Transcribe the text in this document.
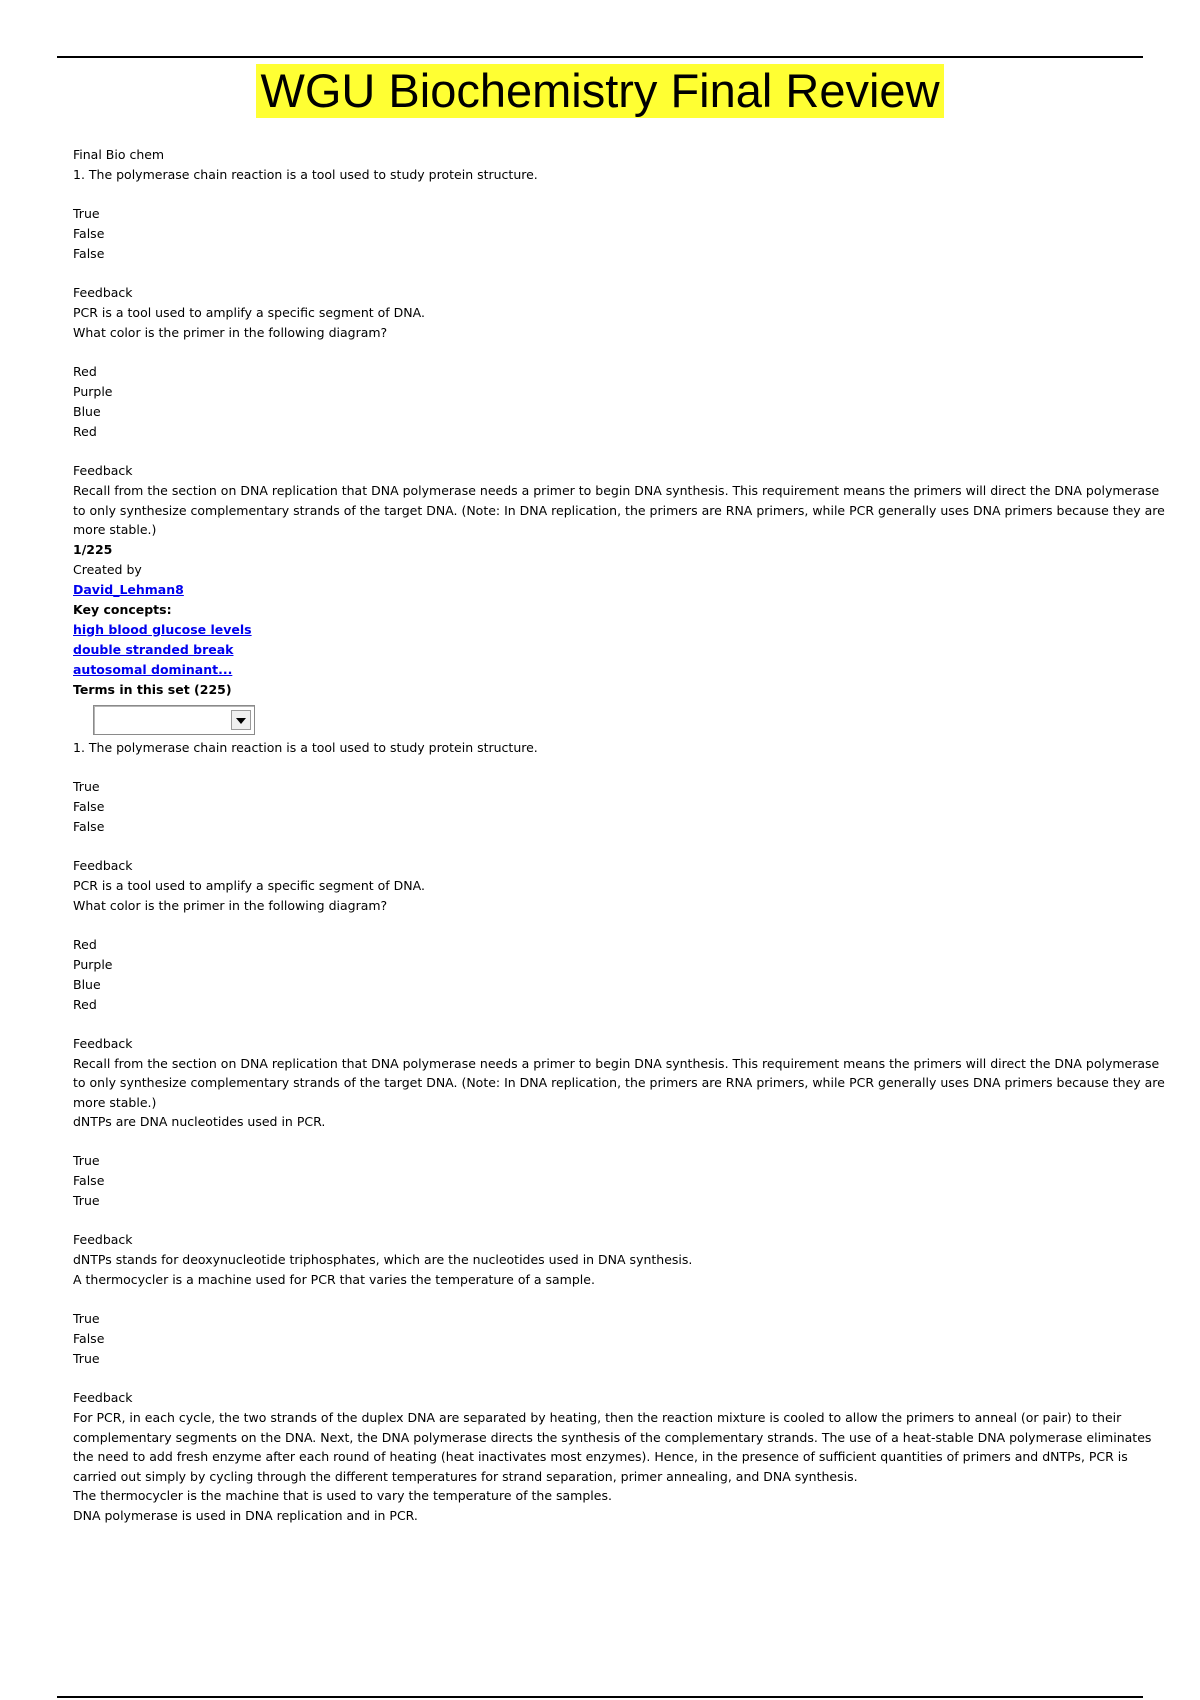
WGU Biochemistry Final Review
Final Bio chem
1. The polymerase chain reaction is a tool used to study protein structure.
True
False
False
Feedback
PCR is a tool used to amplify a specific segment of DNA.
What color is the primer in the following diagram?
Red
Purple
Blue
Red
Feedback
Recall from the section on DNA replication that DNA polymerase needs a primer to begin DNA synthesis. This requirement means the primers will direct the DNA polymerase to only synthesize complementary strands of the target DNA. (Note: In DNA replication, the primers are RNA primers, while PCR generally uses DNA primers because they are more stable.)
1/225
Created by
David_Lehman8
Key concepts:
high blood glucose levels
double stranded break
autosomal dominant...
Terms in this set (225)
1. The polymerase chain reaction is a tool used to study protein structure.
True
False
False
Feedback
PCR is a tool used to amplify a specific segment of DNA.
What color is the primer in the following diagram?
Red
Purple
Blue
Red
Feedback
Recall from the section on DNA replication that DNA polymerase needs a primer to begin DNA synthesis. This requirement means the primers will direct the DNA polymerase to only synthesize complementary strands of the target DNA. (Note: In DNA replication, the primers are RNA primers, while PCR generally uses DNA primers because they are more stable.)
dNTPs are DNA nucleotides used in PCR.
True
False
True
Feedback
dNTPs stands for deoxynucleotide triphosphates, which are the nucleotides used in DNA synthesis.
A thermocycler is a machine used for PCR that varies the temperature of a sample.
True
False
True
Feedback
For PCR, in each cycle, the two strands of the duplex DNA are separated by heating, then the reaction mixture is cooled to allow the primers to anneal (or pair) to their complementary segments on the DNA. Next, the DNA polymerase directs the synthesis of the complementary strands. The use of a heat-stable DNA polymerase eliminates the need to add fresh enzyme after each round of heating (heat inactivates most enzymes). Hence, in the presence of sufficient quantities of primers and dNTPs, PCR is carried out simply by cycling through the different temperatures for strand separation, primer annealing, and DNA synthesis.
The thermocycler is the machine that is used to vary the temperature of the samples.
DNA polymerase is used in DNA replication and in PCR.
